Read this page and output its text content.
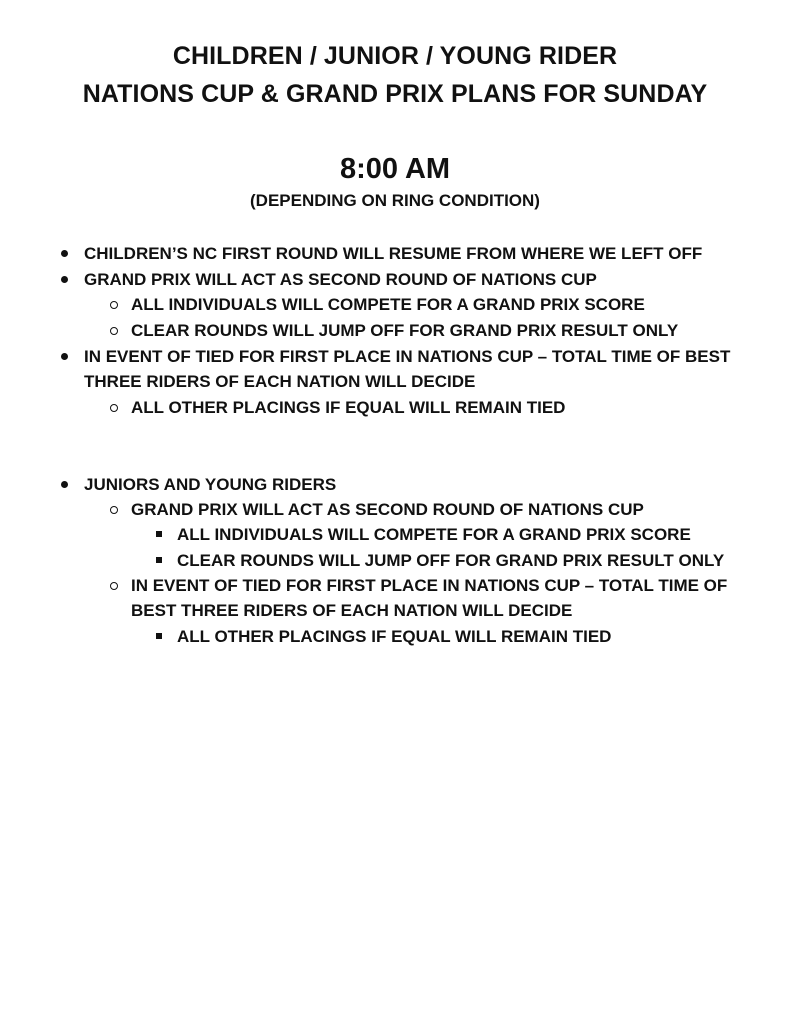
CHILDREN / JUNIOR / YOUNG RIDER
NATIONS CUP & GRAND PRIX PLANS FOR SUNDAY
8:00 AM
(DEPENDING ON RING CONDITION)
CHILDREN’S NC FIRST ROUND WILL RESUME FROM WHERE WE LEFT OFF
GRAND PRIX WILL ACT AS SECOND ROUND OF NATIONS CUP
ALL INDIVIDUALS WILL COMPETE FOR A GRAND PRIX SCORE
CLEAR ROUNDS WILL JUMP OFF FOR GRAND PRIX RESULT ONLY
IN EVENT OF TIED FOR FIRST PLACE IN NATIONS CUP – TOTAL TIME OF BEST
THREE RIDERS OF EACH NATION WILL DECIDE
ALL OTHER PLACINGS IF EQUAL WILL REMAIN TIED
JUNIORS AND YOUNG RIDERS
GRAND PRIX WILL ACT AS SECOND ROUND OF NATIONS CUP
ALL INDIVIDUALS WILL COMPETE FOR A GRAND PRIX SCORE
CLEAR ROUNDS WILL JUMP OFF FOR GRAND PRIX RESULT ONLY
IN EVENT OF TIED FOR FIRST PLACE IN NATIONS CUP – TOTAL TIME OF
BEST THREE RIDERS OF EACH NATION WILL DECIDE
ALL OTHER PLACINGS IF EQUAL WILL REMAIN TIED
